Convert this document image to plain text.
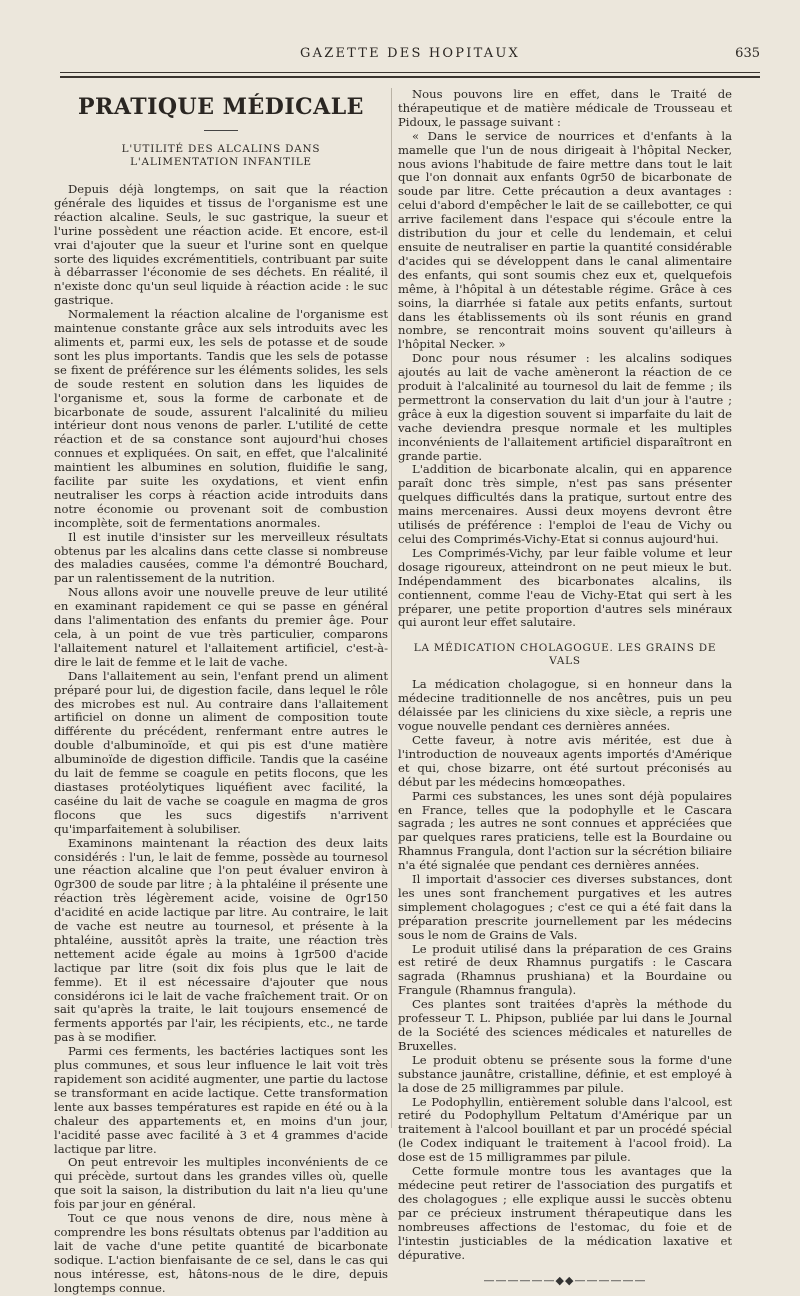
GAZETTE DES HOPITAUX	635
PRATIQUE MÉDICALE
L'UTILITÉ DES ALCALINS DANS L'ALIMENTATION INFANTILE

Depuis déjà longtemps, on sait que la réaction générale des liquides et tissus de l'organisme est une réaction alcaline. Seuls, le suc gastrique, la sueur et l'urine possèdent une réaction acide. Et encore, est-il vrai d'ajouter que la sueur et l'urine sont en quelque sorte des liquides excrémentitiels, contribuant par suite à débarrasser l'économie de ses déchets. En réalité, il n'existe donc qu'un seul liquide à réaction acide : le suc gastrique.

Normalement la réaction alcaline de l'organisme est maintenue constante grâce aux sels introduits avec les aliments et, parmi eux, les sels de potasse et de soude sont les plus importants. Tandis que les sels de potasse se fixent de préférence sur les éléments solides, les sels de soude restent en solution dans les liquides de l'organisme et, sous la forme de carbonate et de bicarbonate de soude, assurent l'alcalinité du milieu intérieur dont nous venons de parler. L'utilité de cette réaction et de sa constance sont aujourd'hui choses connues et expliquées. On sait, en effet, que l'alcalinité maintient les albumines en solution, fluidifie le sang, facilite par suite les oxydations, et vient enfin neutraliser les corps à réaction acide introduits dans notre économie ou provenant soit de combustion incomplète, soit de fermentations anormales.

Il est inutile d'insister sur les merveilleux résultats obtenus par les alcalins dans cette classe si nombreuse des maladies causées, comme l'a démontré Bouchard, par un ralentissement de la nutrition.

Nous allons avoir une nouvelle preuve de leur utilité en examinant rapidement ce qui se passe en général dans l'alimentation des enfants du premier âge. Pour cela, à un point de vue très particulier, comparons l'allaitement naturel et l'allaitement artificiel, c'est-à-dire le lait de femme et le lait de vache.

Dans l'allaitement au sein, l'enfant prend un aliment préparé pour lui, de digestion facile, dans lequel le rôle des microbes est nul. Au contraire dans l'allaitement artificiel on donne un aliment de composition toute différente du précédent, renfermant entre autres le double d'albuminoïde, et qui pis est d'une matière albuminoïde de digestion difficile. Tandis que la caséine du lait de femme se coagule en petits flocons, que les diastases protéolytiques liquéfient avec facilité, la caséine du lait de vache se coagule en magma de gros flocons que les sucs digestifs n'arrivent qu'imparfaitement à solubiliser.

Examinons maintenant la réaction des deux laits considérés : l'un, le lait de femme, possède au tournesol une réaction alcaline que l'on peut évaluer environ à 0gr300 de soude par litre ; à la phtaléine il présente une réaction très légèrement acide, voisine de 0gr150 d'acidité en acide lactique par litre. Au contraire, le lait de vache est neutre au tournesol, et présente à la phtaléine, aussitôt après la traite, une réaction très nettement acide égale au moins à 1gr500 d'acide lactique par litre (soit dix fois plus que le lait de femme). Et il est nécessaire d'ajouter que nous considérons ici le lait de vache fraîchement trait. Or on sait qu'après la traite, le lait toujours ensemencé de ferments apportés par l'air, les récipients, etc., ne tarde pas à se modifier.

Parmi ces ferments, les bactéries lactiques sont les plus communes, et sous leur influence le lait voit très rapidement son acidité augmenter, une partie du lactose se transformant en acide lactique. Cette transformation lente aux basses températures est rapide en été ou à la chaleur des appartements et, en moins d'un jour, l'acidité passe avec facilité à 3 et 4 grammes d'acide lactique par litre.

On peut entrevoir les multiples inconvénients de ce qui précède, surtout dans les grandes villes où, quelle que soit la saison, la distribution du lait n'a lieu qu'une fois par jour en général.

Tout ce que nous venons de dire, nous mène à comprendre les bons résultats obtenus par l'addition au lait de vache d'une petite quantité de bicarbonate sodique. L'action bienfaisante de ce sel, dans le cas qui nous intéresse, est, hâtons-nous de le dire, depuis longtemps connue.

Nous pouvons lire en effet, dans le Traité de thérapeutique et de matière médicale de Trousseau et Pidoux, le passage suivant :

« Dans le service de nourrices et d'enfants à la mamelle que l'un de nous dirigeait à l'hôpital Necker, nous avions l'habitude de faire mettre dans tout le lait que l'on donnait aux enfants 0gr50 de bicarbonate de soude par litre. Cette précaution a deux avantages : celui d'abord d'empêcher le lait de se caillebotter, ce qui arrive facilement dans l'espace qui s'écoule entre la distribution du jour et celle du lendemain, et celui ensuite de neutraliser en partie la quantité considérable d'acides qui se développent dans le canal alimentaire des enfants, qui sont soumis chez eux et, quelquefois même, à l'hôpital à un détestable régime. Grâce à ces soins, la diarrhée si fatale aux petits enfants, surtout dans les établissements où ils sont réunis en grand nombre, se rencontrait moins souvent qu'ailleurs à l'hôpital Necker. »

Donc pour nous résumer : les alcalins sodiques ajoutés au lait de vache amèneront la réaction de ce produit à l'alcalinité au tournesol du lait de femme ; ils permettront la conservation du lait d'un jour à l'autre ; grâce à eux la digestion souvent si imparfaite du lait de vache deviendra presque normale et les multiples inconvénients de l'allaitement artificiel disparaîtront en grande partie.

L'addition de bicarbonate alcalin, qui en apparence paraît donc très simple, n'est pas sans présenter quelques difficultés dans la pratique, surtout entre des mains mercenaires. Aussi deux moyens devront être utilisés de préférence : l'emploi de l'eau de Vichy ou celui des Comprimés-Vichy-Etat si connus aujourd'hui.

Les Comprimés-Vichy, par leur faible volume et leur dosage rigoureux, atteindront on ne peut mieux le but. Indépendamment des bicarbonates alcalins, ils contiennent, comme l'eau de Vichy-Etat qui sert à les préparer, une petite proportion d'autres sels minéraux qui auront leur effet salutaire.

LA MÉDICATION CHOLAGOGUE. LES GRAINS DE VALS

La médication cholagogue, si en honneur dans la médecine traditionnelle de nos ancêtres, puis un peu délaissée par les cliniciens du xixe siècle, a repris une vogue nouvelle pendant ces dernières années.

Cette faveur, à notre avis méritée, est due à l'introduction de nouveaux agents importés d'Amérique et qui, chose bizarre, ont été surtout préconisés au début par les médecins homœopathes.

Parmi ces substances, les unes sont déjà populaires en France, telles que la podophylle et le Cascara sagrada ; les autres ne sont connues et appréciées que par quelques rares praticiens, telle est la Bourdaine ou Rhamnus Frangula, dont l'action sur la sécrétion biliaire n'a été signalée que pendant ces dernières années.

Il importait d'associer ces diverses substances, dont les unes sont franchement purgatives et les autres simplement cholagogues ; c'est ce qui a été fait dans la préparation prescrite journellement par les médecins sous le nom de Grains de Vals.

Le produit utilisé dans la préparation de ces Grains est retiré de deux Rhamnus purgatifs : le Cascara sagrada (Rhamnus prushiana) et la Bourdaine ou Frangule (Rhamnus frangula).

Ces plantes sont traitées d'après la méthode du professeur T. L. Phipson, publiée par lui dans le Journal de la Société des sciences médicales et naturelles de Bruxelles.

Le produit obtenu se présente sous la forme d'une substance jaunâtre, cristalline, définie, et est employé à la dose de 25 milligrammes par pilule.

Le Podophyllin, entièrement soluble dans l'alcool, est retiré du Podophyllum Peltatum d'Amérique par un traitement à l'alcool bouillant et par un procédé spécial (le Codex indiquant le traitement à l'acool froid). La dose est de 15 milligrammes par pilule.

Cette formule montre tous les avantages que la médecine peut retirer de l'association des purgatifs et des cholagogues ; elle explique aussi le succès obtenu par ce précieux instrument thérapeutique dans les nombreuses affections de l'estomac, du foie et de l'intestin justiciables de la médication laxative et dépurative.

——————◆◆——————
